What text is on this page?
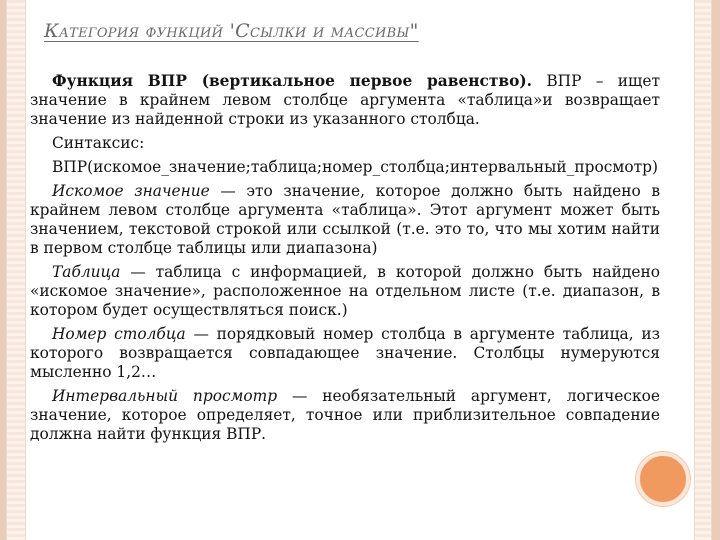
Категория функций 'Ссылки и массивы"

Функция ВПР (вертикальное первое равенство). ВПР – ищет значение в крайнем левом столбце аргумента «таблица»и возвращает значение из найденной строки из указанного столбца.

Синтаксис:

ВПР(искомое_значение;таблица;номер_столбца;интервальный_просмотр)

Искомое значение — это значение, которое должно быть найдено в крайнем левом столбце аргумента «таблица». Этот аргумент может быть значением, текстовой строкой или ссылкой (т.е. это то, что мы хотим найти в первом столбце таблицы или диапазона)

Таблица — таблица с информацией, в которой должно быть найдено «искомое значение», расположенное на отдельном листе (т.е. диапазон, в котором будет осуществляться поиск.)

Номер столбца — порядковый номер столбца в аргументе таблица, из которого возвращается совпадающее значение. Столбцы нумеруются мысленно 1,2…

Интервальный просмотр — необязательный аргумент, логическое значение, которое определяет, точное или приблизительное совпадение должна найти функция ВПР.
